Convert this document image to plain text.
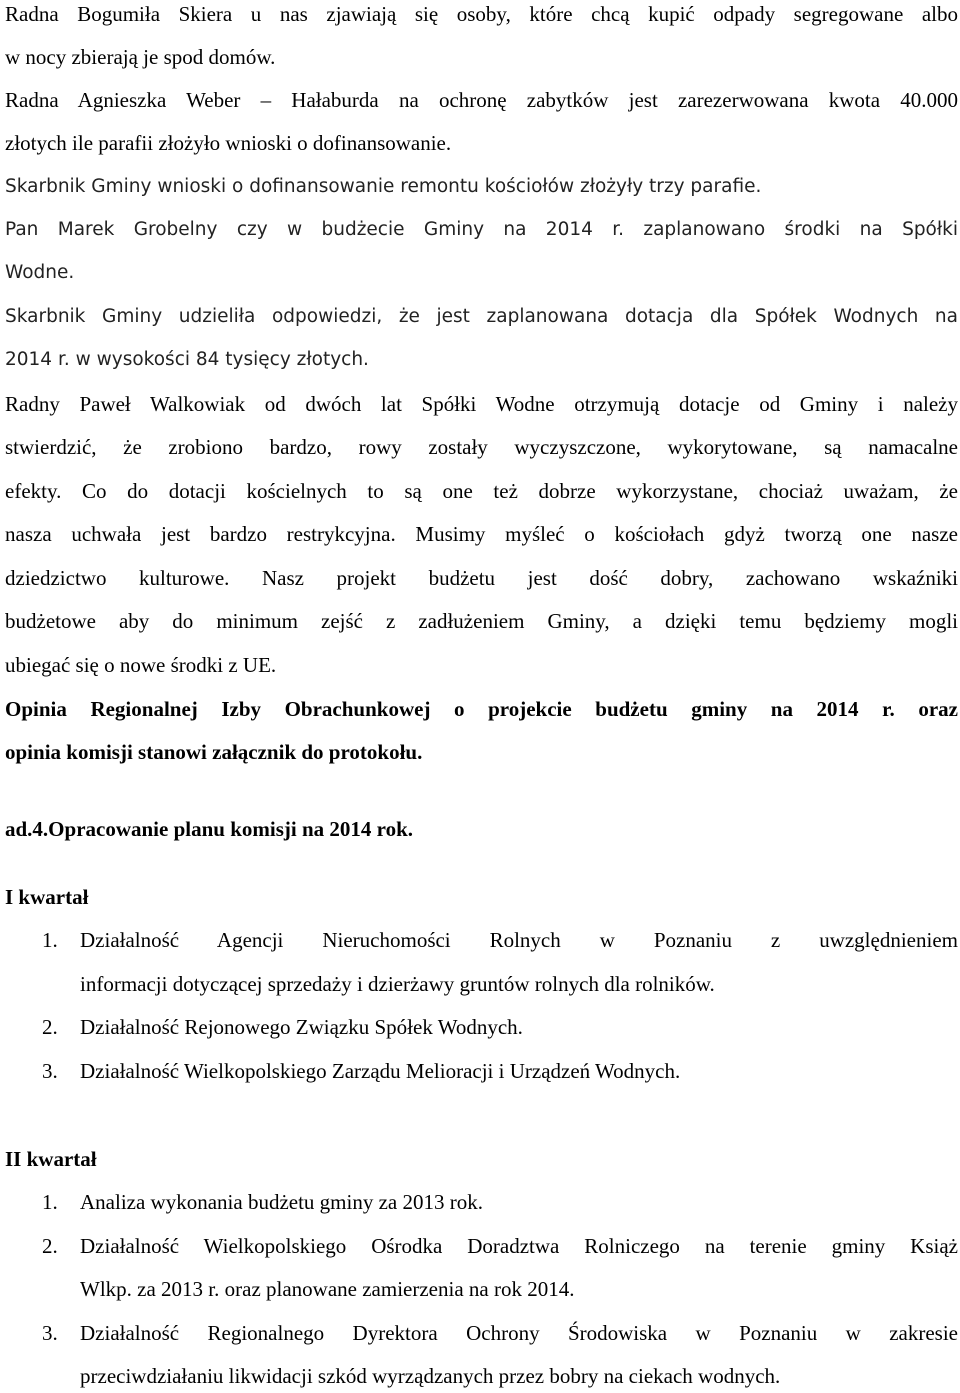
Radna Bogumiła Skiera u nas zjawiają się osoby, które chcą kupić odpady segregowane albo
w nocy zbierają je spod domów.
Radna Agnieszka Weber – Hałaburda na ochronę zabytków jest zarezerwowana kwota 40.000
złotych ile parafii złożyło wnioski o dofinansowanie.
Skarbnik Gminy wnioski o dofinansowanie remontu kościołów złożyły trzy parafie.
Pan Marek Grobelny czy w budżecie Gminy na 2014 r. zaplanowano środki na Spółki
Wodne.
Skarbnik Gminy udzieliła odpowiedzi, że jest zaplanowana dotacja dla Spółek Wodnych na
2014 r. w wysokości 84 tysięcy złotych.
Radny Paweł Walkowiak od dwóch lat Spółki Wodne otrzymują dotacje od Gminy i należy
stwierdzić, że zrobiono bardzo, rowy zostały wyczyszczone, wykorytowane, są namacalne
efekty. Co do dotacji kościelnych to są one też dobrze wykorzystane, chociaż uważam, że
nasza uchwała jest bardzo restrykcyjna. Musimy myśleć o kościołach gdyż tworzą one nasze
dziedzictwo kulturowe. Nasz projekt budżetu jest dość dobry, zachowano wskaźniki
budżetowe aby do minimum zejść z zadłużeniem Gminy, a dzięki temu będziemy mogli
ubiegać się o nowe środki z UE.
Opinia Regionalnej Izby Obrachunkowej o projekcie budżetu gminy na 2014 r. oraz
opinia komisji stanowi załącznik do protokołu.
ad.4.Opracowanie planu komisji na 2014 rok.
I kwartał
1. Działalność Agencji Nieruchomości Rolnych w Poznaniu z uwzględnieniem
informacji dotyczącej sprzedaży i dzierżawy gruntów rolnych dla rolników.
2. Działalność Rejonowego Związku Spółek Wodnych.
3. Działalność Wielkopolskiego Zarządu Melioracji i Urządzeń Wodnych.
II kwartał
1. Analiza wykonania budżetu gminy za 2013 rok.
2. Działalność Wielkopolskiego Ośrodka Doradztwa Rolniczego na terenie gminy Książ
Wlkp. za 2013 r. oraz planowane zamierzenia na rok 2014.
3. Działalność Regionalnego Dyrektora Ochrony Środowiska w Poznaniu w zakresie
przeciwdziałaniu likwidacji szkód wyrządzanych przez bobry na ciekach wodnych.
